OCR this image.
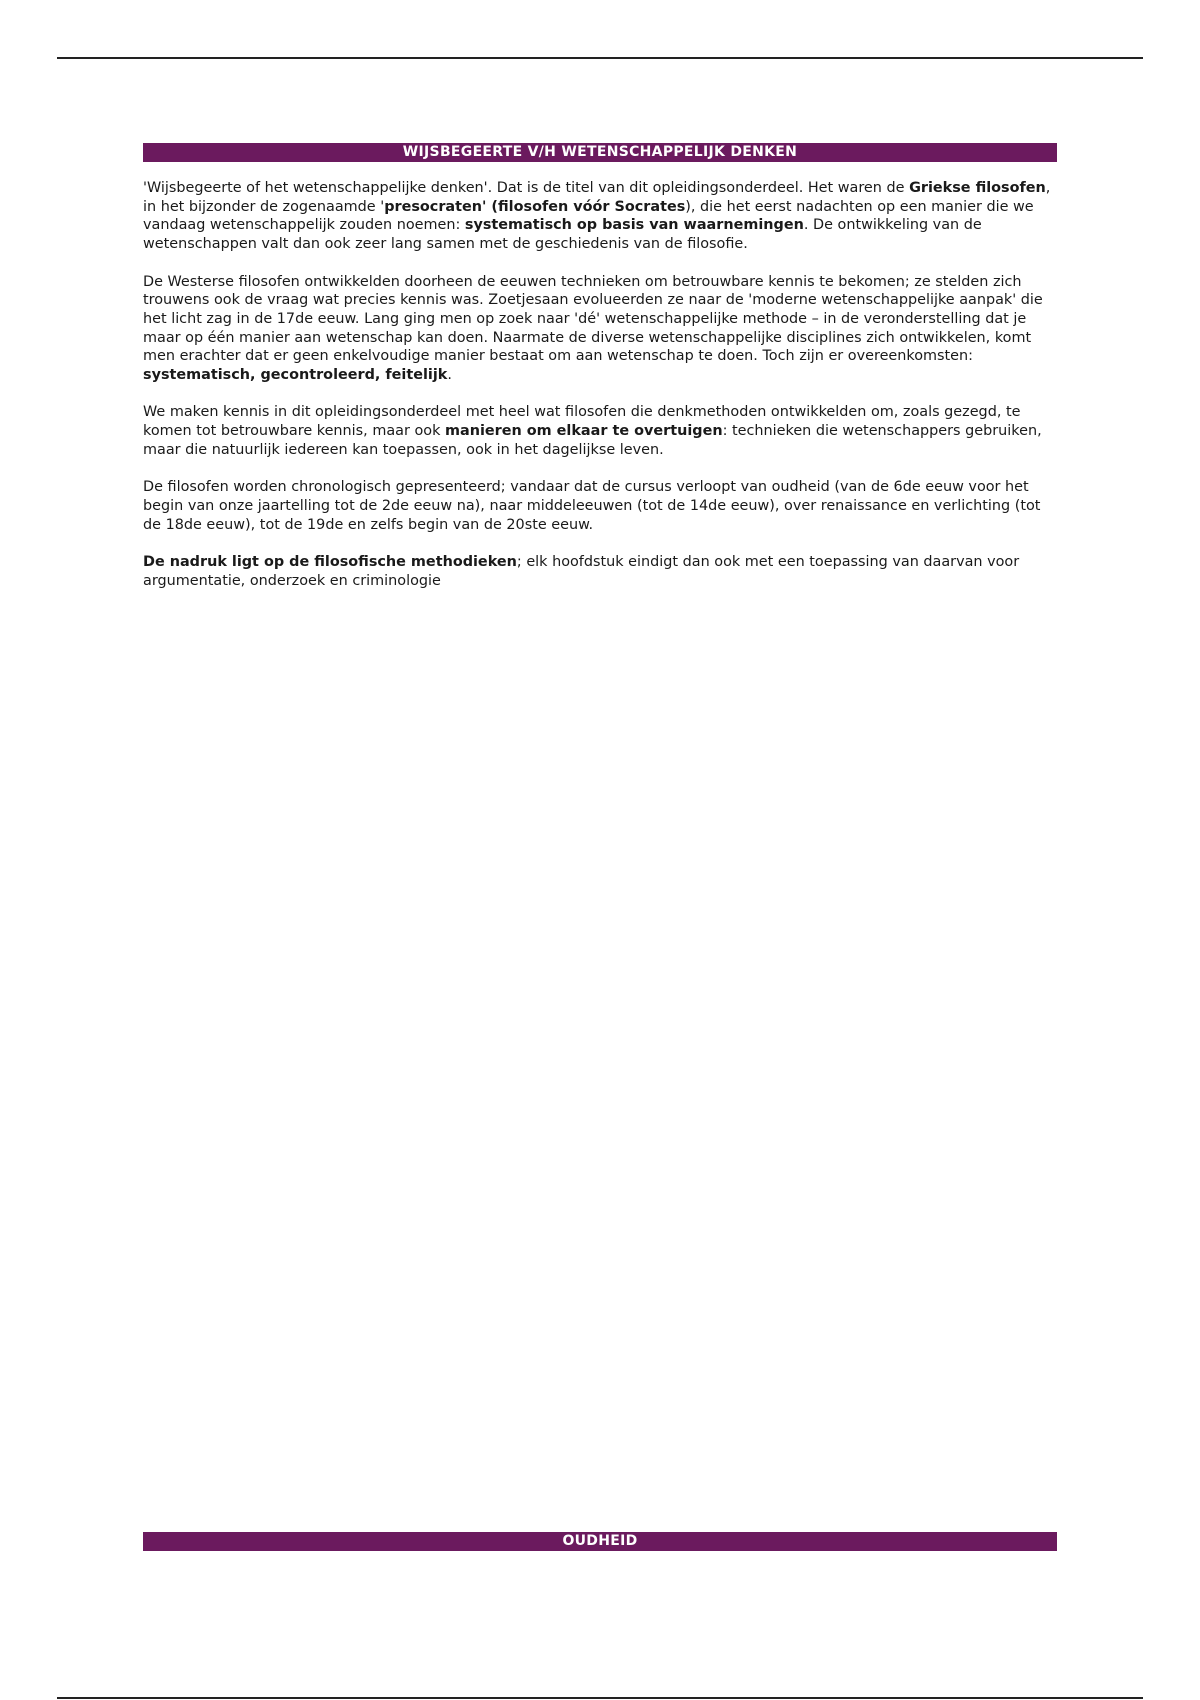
WIJSBEGEERTE V/H WETENSCHAPPELIJK DENKEN

'Wijsbegeerte of het wetenschappelijke denken'. Dat is de titel van dit opleidingsonderdeel. Het waren de Griekse filosofen, in het bijzonder de zogenaamde 'presocraten' (filosofen vóór Socrates), die het eerst nadachten op een manier die we vandaag wetenschappelijk zouden noemen: systematisch op basis van waarnemingen. De ontwikkeling van de wetenschappen valt dan ook zeer lang samen met de geschiedenis van de filosofie.

De Westerse filosofen ontwikkelden doorheen de eeuwen technieken om betrouwbare kennis te bekomen; ze stelden zich trouwens ook de vraag wat precies kennis was. Zoetjesaan evolueerden ze naar de 'moderne wetenschappelijke aanpak' die het licht zag in de 17de eeuw. Lang ging men op zoek naar 'dé' wetenschappelijke methode – in de veronderstelling dat je maar op één manier aan wetenschap kan doen. Naarmate de diverse wetenschappelijke disciplines zich ontwikkelen, komt men erachter dat er geen enkelvoudige manier bestaat om aan wetenschap te doen. Toch zijn er overeenkomsten: systematisch, gecontroleerd, feitelijk.

We maken kennis in dit opleidingsonderdeel met heel wat filosofen die denkmethoden ontwikkelden om, zoals gezegd, te komen tot betrouwbare kennis, maar ook manieren om elkaar te overtuigen: technieken die wetenschappers gebruiken, maar die natuurlijk iedereen kan toepassen, ook in het dagelijkse leven.

De filosofen worden chronologisch gepresenteerd; vandaar dat de cursus verloopt van oudheid (van de 6de eeuw voor het begin van onze jaartelling tot de 2de eeuw na), naar middeleeuwen (tot de 14de eeuw), over renaissance en verlichting (tot de 18de eeuw), tot de 19de en zelfs begin van de 20ste eeuw.

De nadruk ligt op de filosofische methodieken; elk hoofdstuk eindigt dan ook met een toepassing van daarvan voor argumentatie, onderzoek en criminologie

OUDHEID
